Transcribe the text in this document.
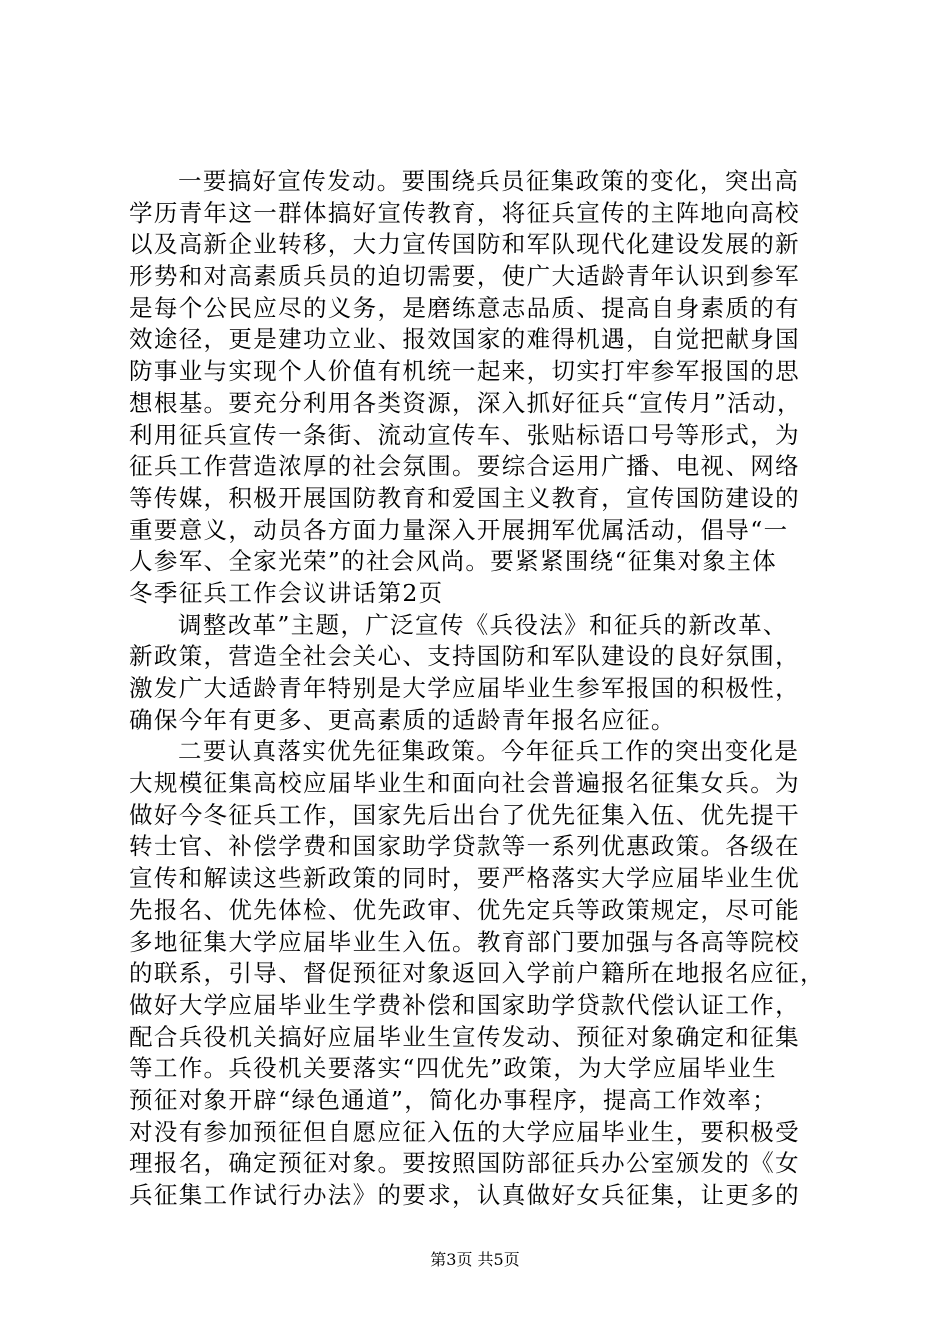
一要搞好宣传发动。要围绕兵员征集政策的变化，突出高
学历青年这一群体搞好宣传教育，将征兵宣传的主阵地向高校
以及高新企业转移，大力宣传国防和军队现代化建设发展的新
形势和对高素质兵员的迫切需要，使广大适龄青年认识到参军
是每个公民应尽的义务，是磨练意志品质、提高自身素质的有
效途径，更是建功立业、报效国家的难得机遇，自觉把献身国
防事业与实现个人价值有机统一起来，切实打牢参军报国的思
想根基。要充分利用各类资源，深入抓好征兵“宣传月”活动，
利用征兵宣传一条街、流动宣传车、张贴标语口号等形式，为
征兵工作营造浓厚的社会氛围。要综合运用广播、电视、网络
等传媒，积极开展国防教育和爱国主义教育，宣传国防建设的
重要意义，动员各方面力量深入开展拥军优属活动，倡导“一
人参军、全家光荣”的社会风尚。要紧紧围绕“征集对象主体
冬季征兵工作会议讲话第2页
调整改革”主题，广泛宣传《兵役法》和征兵的新改革、
新政策，营造全社会关心、支持国防和军队建设的良好氛围，
激发广大适龄青年特别是大学应届毕业生参军报国的积极性，
确保今年有更多、更高素质的适龄青年报名应征。
二要认真落实优先征集政策。今年征兵工作的突出变化是
大规模征集高校应届毕业生和面向社会普遍报名征集女兵。为
做好今冬征兵工作，国家先后出台了优先征集入伍、优先提干
转士官、补偿学费和国家助学贷款等一系列优惠政策。各级在
宣传和解读这些新政策的同时，要严格落实大学应届毕业生优
先报名、优先体检、优先政审、优先定兵等政策规定，尽可能
多地征集大学应届毕业生入伍。教育部门要加强与各高等院校
的联系，引导、督促预征对象返回入学前户籍所在地报名应征，
做好大学应届毕业生学费补偿和国家助学贷款代偿认证工作，
配合兵役机关搞好应届毕业生宣传发动、预征对象确定和征集
等工作。兵役机关要落实“四优先”政策，为大学应届毕业生
预征对象开辟“绿色通道”，简化办事程序，提高工作效率；
对没有参加预征但自愿应征入伍的大学应届毕业生，要积极受
理报名，确定预征对象。要按照国防部征兵办公室颁发的《女
兵征集工作试行办法》的要求，认真做好女兵征集，让更多的
第3页 共5页
